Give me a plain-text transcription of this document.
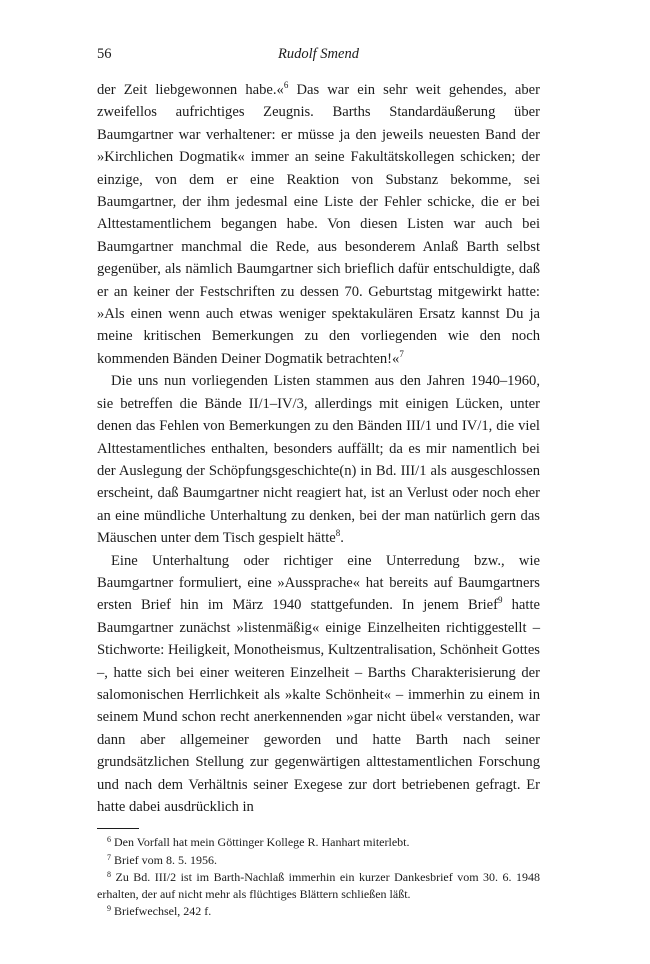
56	Rudolf Smend

der Zeit liebgewonnen habe.«$^6$ Das war ein sehr weit gehendes, aber zweifellos aufrichtiges Zeugnis. Barths Standardäußerung über Baumgartner war verhaltener: er müsse ja den jeweils neuesten Band der »Kirchlichen Dogmatik« immer an seine Fakultätskollegen schicken; der einzige, von dem er eine Reaktion von Substanz bekomme, sei Baumgartner, der ihm jedesmal eine Liste der Fehler schicke, die er bei Alttestamentlichem begangen habe. Von diesen Listen war auch bei Baumgartner manchmal die Rede, aus besonderem Anlaß Barth selbst gegenüber, als nämlich Baumgartner sich brieflich dafür entschuldigte, daß er an keiner der Festschriften zu dessen 70. Geburtstag mitgewirkt hatte: »Als einen wenn auch etwas weniger spektakulären Ersatz kannst Du ja meine kritischen Bemerkungen zu den vorliegenden wie den noch kommenden Bänden Deiner Dogmatik betrachten!«$^7$

Die uns nun vorliegenden Listen stammen aus den Jahren 1940–1960, sie betreffen die Bände II/1–IV/3, allerdings mit einigen Lücken, unter denen das Fehlen von Bemerkungen zu den Bänden III/1 und IV/1, die viel Alttestamentliches enthalten, besonders auffällt; da es mir namentlich bei der Auslegung der Schöpfungsgeschichte(n) in Bd. III/1 als ausgeschlossen erscheint, daß Baumgartner nicht reagiert hat, ist an Verlust oder noch eher an eine mündliche Unterhaltung zu denken, bei der man natürlich gern das Mäuschen unter dem Tisch gespielt hätte$^8$.

Eine Unterhaltung oder richtiger eine Unterredung bzw., wie Baumgartner formuliert, eine »Aussprache« hat bereits auf Baumgartners ersten Brief hin im März 1940 stattgefunden. In jenem Brief$^9$ hatte Baumgartner zunächst »listenmäßig« einige Einzelheiten richtiggestellt – Stichworte: Heiligkeit, Monotheismus, Kultzentralisation, Schönheit Gottes –, hatte sich bei einer weiteren Einzelheit – Barths Charakterisierung der salomonischen Herrlichkeit als »kalte Schönheit« – immerhin zu einem in seinem Mund schon recht anerkennenden »gar nicht übel« verstanden, war dann aber allgemeiner geworden und hatte Barth nach seiner grundsätzlichen Stellung zur gegenwärtigen alttestamentlichen Forschung und nach dem Verhältnis seiner Exegese zur dort betriebenen gefragt. Er hatte dabei ausdrücklich in

$^6$ Den Vorfall hat mein Göttinger Kollege R. Hanhart miterlebt.

$^7$ Brief vom 8. 5. 1956.

$^8$ Zu Bd. III/2 ist im Barth-Nachlaß immerhin ein kurzer Dankesbrief vom 30. 6. 1948 erhalten, der auf nicht mehr als flüchtiges Blättern schließen läßt.

$^9$ Briefwechsel, 242 f.
